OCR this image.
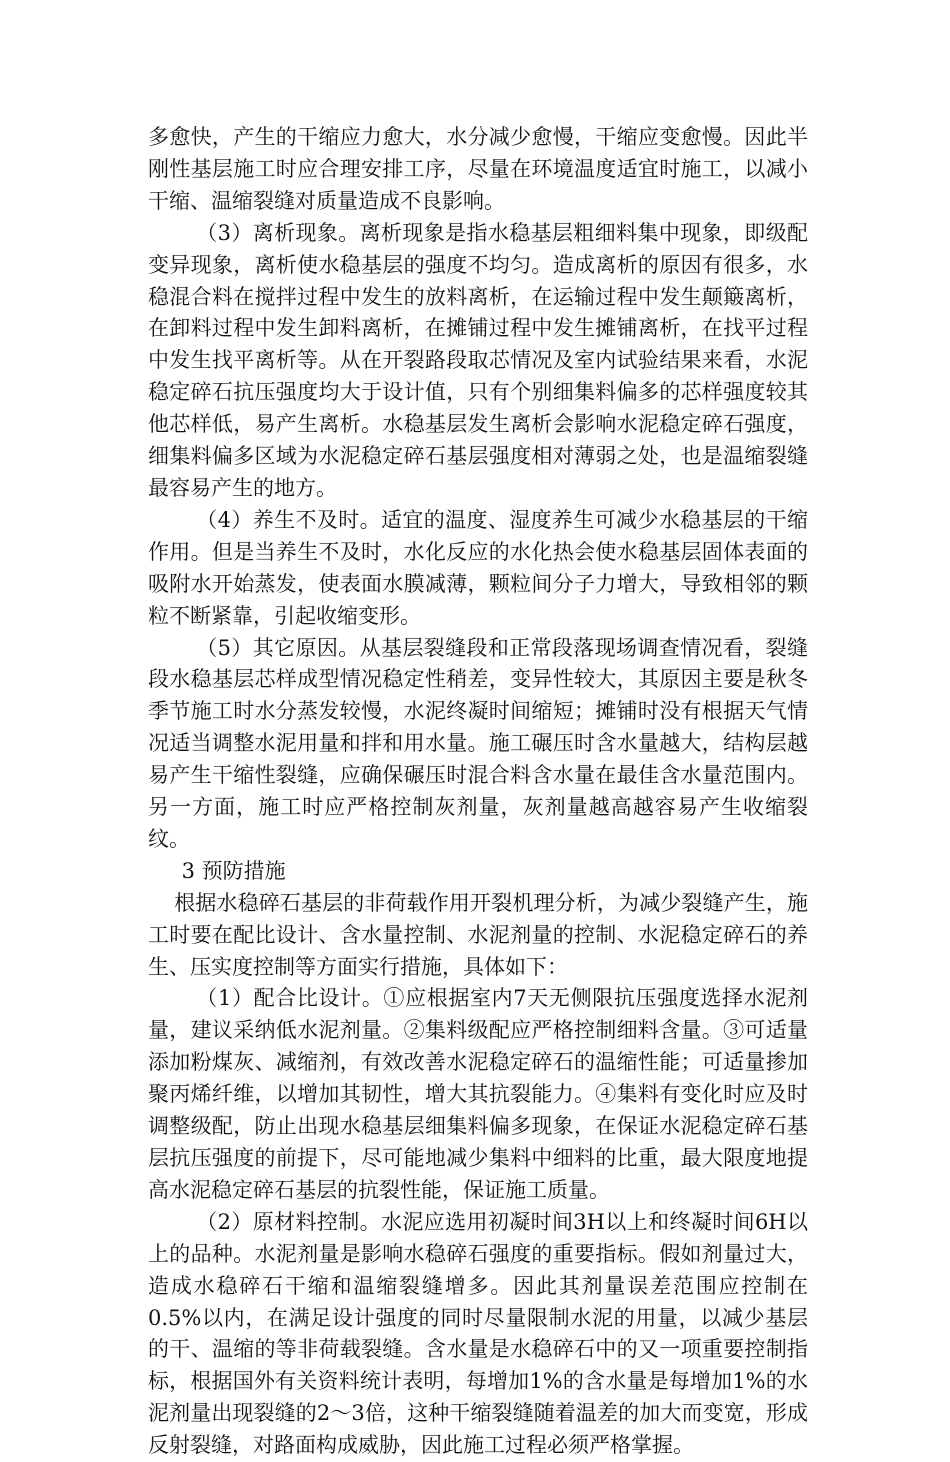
多愈快，产生的干缩应力愈大，水分减少愈慢，干缩应变愈慢。因此半刚性基层施工时应合理安排工序，尽量在环境温度适宜时施工，以减小干缩、温缩裂缝对质量造成不良影响。

（3）离析现象。离析现象是指水稳基层粗细料集中现象，即级配变异现象，离析使水稳基层的强度不均匀。造成离析的原因有很多，水稳混合料在搅拌过程中发生的放料离析，在运输过程中发生颠簸离析，在卸料过程中发生卸料离析，在摊铺过程中发生摊铺离析，在找平过程中发生找平离析等。从在开裂路段取芯情况及室内试验结果来看，水泥稳定碎石抗压强度均大于设计值，只有个别细集料偏多的芯样强度较其他芯样低，易产生离析。水稳基层发生离析会影响水泥稳定碎石强度，细集料偏多区域为水泥稳定碎石基层强度相对薄弱之处，也是温缩裂缝最容易产生的地方。

（4）养生不及时。适宜的温度、湿度养生可减少水稳基层的干缩作用。但是当养生不及时，水化反应的水化热会使水稳基层固体表面的吸附水开始蒸发，使表面水膜减薄，颗粒间分子力增大，导致相邻的颗粒不断紧靠，引起收缩变形。

（5）其它原因。从基层裂缝段和正常段落现场调查情况看，裂缝段水稳基层芯样成型情况稳定性稍差，变异性较大，其原因主要是秋冬季节施工时水分蒸发较慢，水泥终凝时间缩短；摊铺时没有根据天气情况适当调整水泥用量和拌和用水量。施工碾压时含水量越大，结构层越易产生干缩性裂缝，应确保碾压时混合料含水量在最佳含水量范围内。另一方面，施工时应严格控制灰剂量，灰剂量越高越容易产生收缩裂纹。

3 预防措施

根据水稳碎石基层的非荷载作用开裂机理分析，为减少裂缝产生，施工时要在配比设计、含水量控制、水泥剂量的控制、水泥稳定碎石的养生、压实度控制等方面实行措施，具体如下：

（1）配合比设计。①应根据室内7天无侧限抗压强度选择水泥剂量，建议采纳低水泥剂量。②集料级配应严格控制细料含量。③可适量添加粉煤灰、减缩剂，有效改善水泥稳定碎石的温缩性能；可适量掺加聚丙烯纤维，以增加其韧性，增大其抗裂能力。④集料有变化时应及时调整级配，防止出现水稳基层细集料偏多现象，在保证水泥稳定碎石基层抗压强度的前提下，尽可能地减少集料中细料的比重，最大限度地提高水泥稳定碎石基层的抗裂性能，保证施工质量。

（2）原材料控制。水泥应选用初凝时间3H以上和终凝时间6H以上的品种。水泥剂量是影响水稳碎石强度的重要指标。假如剂量过大，造成水稳碎石干缩和温缩裂缝增多。因此其剂量误差范围应控制在0.5%以内，在满足设计强度的同时尽量限制水泥的用量，以减少基层的干、温缩的等非荷载裂缝。含水量是水稳碎石中的又一项重要控制指标，根据国外有关资料统计表明，每增加1%的含水量是每增加1%的水泥剂量出现裂缝的2～3倍，这种干缩裂缝随着温差的加大而变宽，形成反射裂缝，对路面构成威胁，因此施工过程必须严格掌握。
